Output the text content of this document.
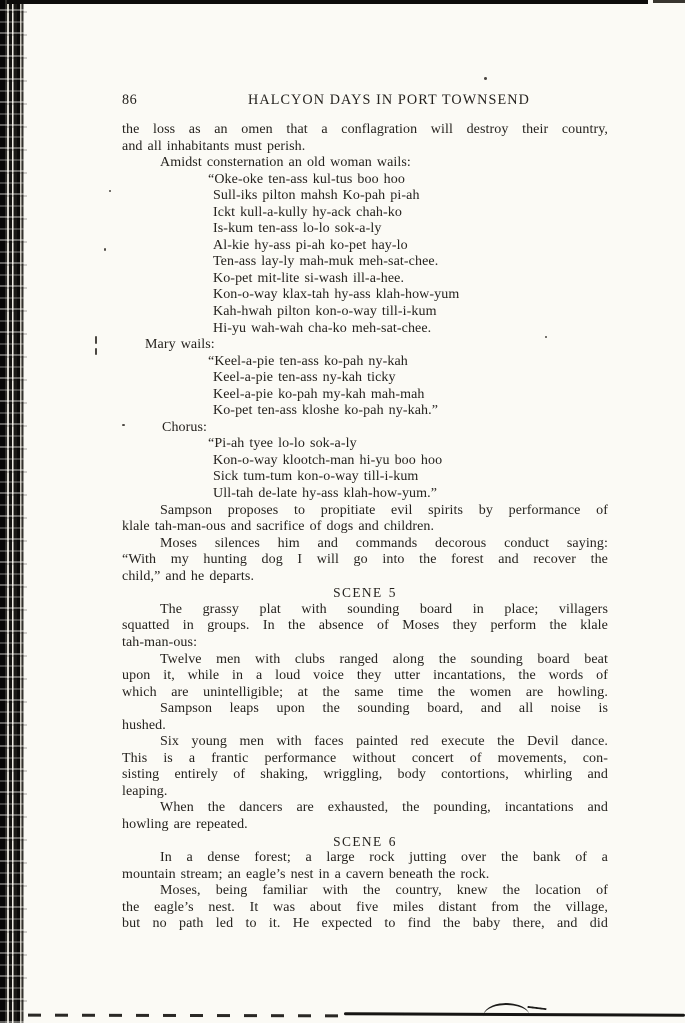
86	HALCYON DAYS IN PORT TOWNSEND
the loss as an omen that a conflagration will destroy their country,
and all inhabitants must perish.
Amidst consternation an old woman wails:
“Oke-oke ten-ass kul-tus boo hoo
Sull-iks pilton mahsh Ko-pah pi-ah
Ickt kull-a-kully hy-ack chah-ko
Is-kum ten-ass lo-lo sok-a-ly
Al-kie hy-ass pi-ah ko-pet hay-lo
Ten-ass lay-ly mah-muk meh-sat-chee.
Ko-pet mit-lite si-wash ill-a-hee.
Kon-o-way klax-tah hy-ass klah-how-yum
Kah-hwah pilton kon-o-way till-i-kum
Hi-yu wah-wah cha-ko meh-sat-chee.
Mary wails:
“Keel-a-pie ten-ass ko-pah ny-kah
Keel-a-pie ten-ass ny-kah ticky
Keel-a-pie ko-pah my-kah mah-mah
Ko-pet ten-ass kloshe ko-pah ny-kah.”
Chorus:
“Pi-ah tyee lo-lo sok-a-ly
Kon-o-way klootch-man hi-yu boo hoo
Sick tum-tum kon-o-way till-i-kum
Ull-tah de-late hy-ass klah-how-yum.”
Sampson proposes to propitiate evil spirits by performance of
klale tah-man-ous and sacrifice of dogs and children.
Moses silences him and commands decorous conduct saying:
“With my hunting dog I will go into the forest and recover the
child,” and he departs.
SCENE 5
The grassy plat with sounding board in place; villagers
squatted in groups. In the absence of Moses they perform the klale
tah-man-ous:
Twelve men with clubs ranged along the sounding board beat
upon it, while in a loud voice they utter incantations, the words of
which are unintelligible; at the same time the women are howling.
Sampson leaps upon the sounding board, and all noise is
hushed.
Six young men with faces painted red execute the Devil dance.
This is a frantic performance without concert of movements, con-
sisting entirely of shaking, wriggling, body contortions, whirling and
leaping.
When the dancers are exhausted, the pounding, incantations and
howling are repeated.
SCENE 6
In a dense forest; a large rock jutting over the bank of a
mountain stream; an eagle’s nest in a cavern beneath the rock.
Moses, being familiar with the country, knew the location of
the eagle’s nest. It was about five miles distant from the village,
but no path led to it. He expected to find the baby there, and did
